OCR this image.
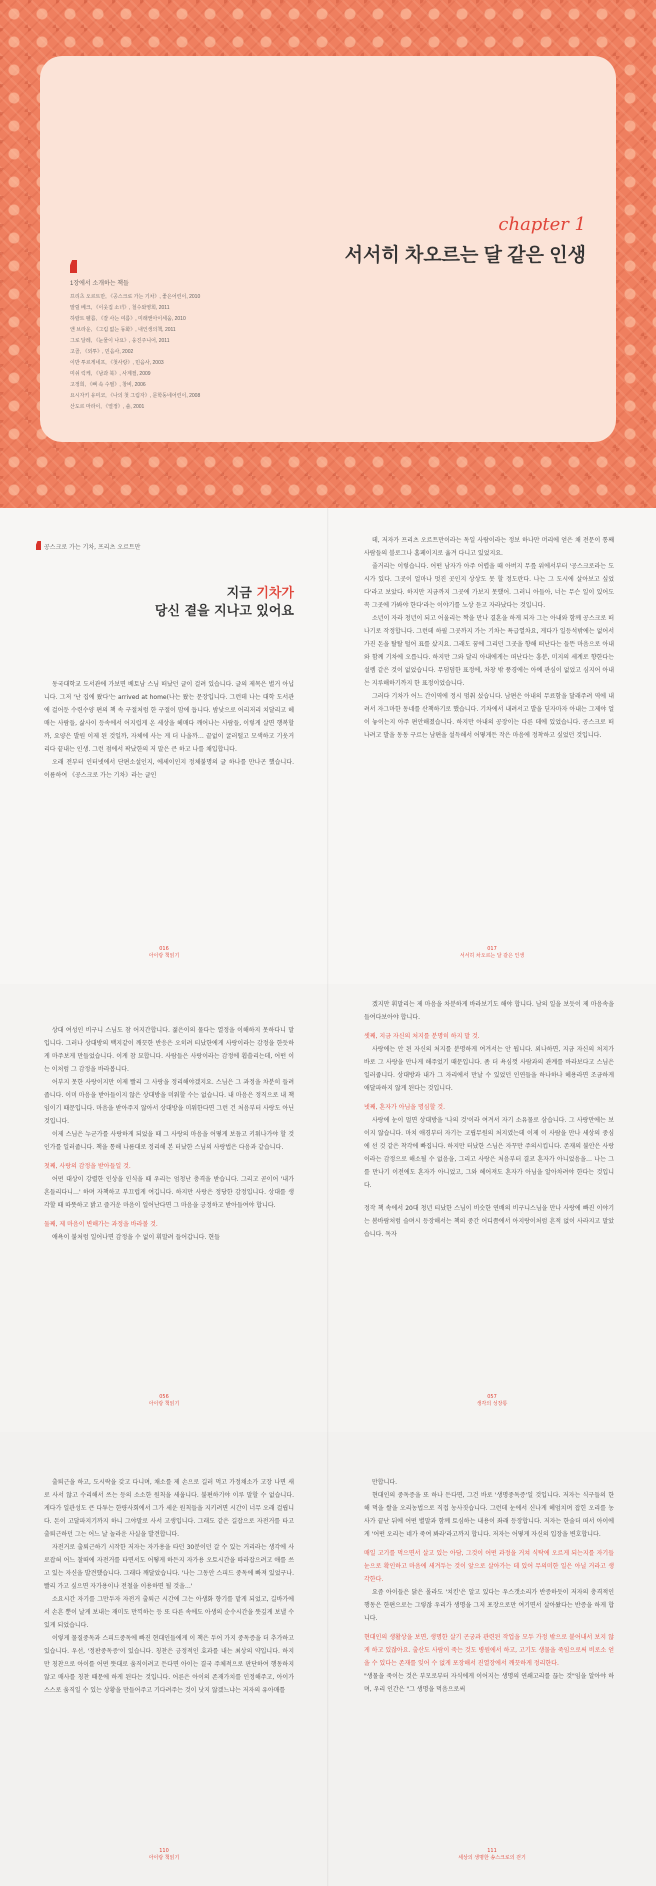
chapter 1

서서히 차오르는 달 같은 인생

1장에서 소개하는 책들

프리츠 오르트만, 《공스크로 가는 기차》, 좋은어린이, 2010
말릴 베크, 《이웃집 소녀》, 철수와영희, 2011
하랄트 펠름, 《잘 사는 여름》, 미래앤아이세움, 2010
앤 브라운, 《그림 없는 동화》, 내인생의책, 2011
그로 달레, 《눈물이 나요》, 웅진주니어, 2011
고골, 《외투》, 민음사, 2002
이반 투르게네프, 《첫사랑》, 민음사, 2003
미쉬 릭케, 《남과 북》, 사계절, 2009
고정희, 《뼈 속 수필》, 창비, 2006
요시자키 유미코, 《나의 첫 그림자》, 문학동네어린이, 2008
산도르 마라이, 《열정》, 솔, 2001

공스크로 가는 기차, 프리츠 오르트만

지금 기차가
당신 곁을 지나고 있어요

동국대학교 도서관에 가보면 베토남 스님 떠났던 글이 걸려 있습니다. 글의 제목은 별거 아닙니다. 그저 '난 집에 왔다'는 arrived at home(나는 왔는 문장입니다. 그런데 나는 대학 도서관에 걸어둔 수련수양 편의 책 속 구절처럼 한 구절이 맘에 듭니다. 밤낮으로 어리저리 치달리고 헤매는 사람들, 삶사이 등속에서 어지럽게 온 세상을 헤매다 깨어나는 사람들, 이렇게 살면 행복할까, 요양은 발원 이제 된 것일까, 자체에 사는 게 더 나을까… 끝없이 굴러떨고 모색하고 기웃거리다 끝내는 인생. 그런 점에서 팍났한의 저 말은 큰 하고 나를 채입합니다.

오래 전부터 인터넷에서 단편소설인지, 에세이인지 정체불명의 글 하나를 만나곤 했습니다. 이름하여 《공스크로 가는 기차》라는 글인

016
아이랑 책읽기

데, 저자가 프리츠 오르트만이라는 독일 사람이라는 정보 하나만 머리에 얻은 채 전문이 통째 사람들의 블로그나 홈페이지로 옮겨 다니고 있었지요.

줄거리는 이렇습니다. 어떤 남자가 아주 어렵을 때 아버지 무릎 위에서부터 '공스크로라는 도시가 있다. 그곳이 얼마나 멋진 곳인지 상상도 못 할 정도란다. 나는 그 도시에 살아보고 싶었다'라고 보았다. 하지만 지금까지 그곳에 가보지 못했어. 그러니 아들아, 너는 무슨 일이 있어도 꼭 그곳에 가봐야 한다'라는 이야기를 노상 듣고 자라났다는 것입니다.

소년이 자라 청년이 되고 어울리는 짝을 만나 결혼을 하게 되자 그는 아내와 함께 공스크로 떠나기로 작정합니다. 그런데 하필 그곳까지 가는 기차는 특급열차요, 게다가 일등석밖에는 없어서 가진 돈을 탈탈 털어 표를 샀지요. 그래도 꿈에 그리던 그곳을 향해 떠난다는 들뜬 마음으로 아내와 함께 기차에 오릅니다. 하지만 그와 달리 아내에게는 떠난다는 흥분, 미지의 세계로 향한다는 설렘 같은 것이 없었습니다. 무덤덤한 표정에, 차창 밖 풍경에는 아예 관심이 없었고 심지어 아내는 지루해하기까지 한 표정이었습니다.

그러다 기차가 어느 간이역에 정시 멈춰 섰습니다. 남편은 아내의 무료함을 달래주려 역에 내려서 자그마한 동네를 산책하기로 했습니다. 기차에서 내려서고 발을 딛자마자 아내는 그제야 얼이 놓이는지 아주 편안해졌습니다. 하지만 아내의 공장이는 다른 데에 있었습니다. 공스크로 떠나려고 발을 동동 구르는 남편을 설득해서 어떻게든 작은 마음에 정착하고 싶었던 것입니다.

017
서서히 차오르는 달 같은 인생

상대 여성인 비구니 스님도 참 어지간합니다. 젊은이의 물다는 열정을 이해하지 못하다니 말입니다. 그러나 상대방의 백지같이 깨끗한 반응은 오히려 티났한에게 사랑이라는 감정을 한듯하게 마주보게 만들었습니다. 이게 참 묘합니다. 사람들은 사랑이라는 감정에 휩쓸리는데, 어떤 이는 이처럼 그 감정을 바라봅니다.

어부지 못한 사랑이지만 이제 빨리 그 사랑을 정리해야겠지요. 스님은 그 과정을 차분히 들려줍니다. 이미 마음을 받아들이지 않은 상대방을 미워할 수는 없습니다. 내 마음은 정직으로 내 책임이기 때문입니다. 마음을 받아주지 않아서 상대방을 미워한다면 그런 건 처음부터 사랑도 아닌 것입니다.

이제 스님은 누군가를 사랑하게 되었을 때 그 사랑의 마음을 어떻게 보듬고 키워나가야 할 것인가를 일러줍니다. 책을 통해 나름대로 정리해 본 터났한 스님의 사랑법은 다음과 같습니다.

첫째, 사랑의 감정을 받아들일 것.

어떤 대상이 강렬한 인상을 인식을 때 우리는 엄청난 충격을 받습니다. 그리고 곧이어 '내가 흔들리다니…' 하며 자책하고 부끄럽게 여깁니다. 하지만 사랑은 정당한 감정입니다. 상대를 생각할 때 따뜻하고 밝고 즐거운 마음이 일어난다면 그 마음을 긍정하고 받아들여야 합니다.

둘째, 제 마음이 변해가는 과정을 바라볼 것.

애욕이 불처럼 일어나면 감정을 수 없이 휘말려 들어갑니다. 현들

056
아이랑 책읽기

겠지만 휘말리는 제 마음을 차분하게 바라보기도 해야 합니다. 남의 일을 보듯이 제 마음속을 들여다보아야 합니다.

셋째, 지금 자신의 처지를 분명히 하지 말 것.

사랑에는 안 된 자신의 처지를 분명하게 여겨서는 안 됩니다. 외나하면, 지금 자신의 처지가 바로 그 사랑을 만나게 해주었기 때문입니다. 좀 더 욕심껏 사람과의 관계를 바라보다고 스님은 일러줍니다. 상대방과 내가 그 자리에서 만날 수 있었던 인연들을 하나하나 헤용라면 조금하게 애달파하지 않게 된다는 것입니다.

넷째, 혼자가 아님을 명심할 것.

사랑에 눈이 멀면 상대방을 '나의 것'이라 여겨서 자기 소유물로 삼습니다. 그 사랑만에는 보이지 않습니다. 마치 애경부터 자기는 고립무원의 처지였는데 이제 이 사람을 만나 세상의 중심에 선 것 같은 착각에 빠집니다. 하지만 터났한 스님은 자꾸만 주의시킵니다. 존재의 불안은 사랑이라는 감정으로 해소될 수 없음을, 그리고 사랑은 처음부터 결코 혼자가 아니었음을… 나는 그를 만나기 이전에도 혼자가 아니었고, 그와 헤어져도 혼자가 아님을 알아차려야 한다는 것입니다.

정작 책 속에서 20대 청년 티났한 스님이 비슷한 연배의 비구니스님을 만나 사랑에 빠진 이야기는 봄바람처럼 슬며시 등장해서는 책의 중간 어디쯤에서 아지랑이처럼 흔적 없이 사라지고 말았습니다. 독자

057
생각의 성장통

출퇴근을 하고, 도시락을 갖고 다니며, 채소를 제 손으로 길러 먹고 가정채소가 고장 나면 새로 사서 않고 수리해서 쓰는 등의 소소한 원칙을 세웁니다. 불편하기야 이루 말할 수 없습니다. 게다가 일관성도 큰 다투는 한량사회에서 그가 세운 원칙들을 지키려면 시간이 너무 오래 걸립니다. 돈이 고달파지기까지 하니 그야말로 사서 고생입니다. 그래도 같은 길잡으로 자전거를 타고 출퇴근하던 그는 어느 날 놀라운 사실을 발견합니다.

자전거로 출퇴근하기 시작한 저자는 자가용을 타던 30분이던 갈 수 있는 거리라는 생각에 사로잡혀 어느 찰떠에 자전거를 타면서도 어떻게 하든지 자가용 오토시간을 따라잡으려고 애를 쓰고 있는 자신을 발견했습니다. 그래다 깨달았습니다. '나는 그동안 스피드 중독에 빠져 있었구나. 빨리 가고 싶으면 자가용이나 전철을 이용하면 될 것을…'

소요시간 자기를 그만두자 자전거 출퇴근 시간에 그는 아생화 향기를 맡게 되었고, 길바가에서 손흔 뿐이 날게 보내는 재미도 만끽하는 등 또 다른 속에도 아생의 순수시간을 뜻깊게 보낼 수 있게 되었습니다.

이렇게 물질중독과 스피드중독에 빠진 현대인들에게 이 책은 두어 가지 중독증을 더 추가하고 있습니다. 우선, '정판중독증'이 있습니다. 칭찬은 긍정적인 효과를 내는 최상의 약입니다. 하지만 칭찬으로 아이를 어떤 뜻대로 움직이려고 든다면 아이는 결국 주체적으로 판단하여 행동하지 않고 매사를 칭찬 때문에 하게 된다는 것입니다. 어른은 아이의 존재가치를 인정해주고, 아이가 스스로 움직일 수 있는 상황을 만들어주고 기다려주는 것이 낫지 않겠느냐는 저자의 유아매틀

110
아이랑 책읽기

만합니다.

현대인의 중독증을 또 하나 든다면, 그건 바로 '생명중독증'일 것입니다. 저자는 식구들의 한 해 먹을 쌀을 오리농법으로 직접 농사짓습니다. 그런데 눈에서 신나게 헤엄치며 잡힌 오리를 농사가 끝난 뒤에 어떤 별말과 함께 토심하는 내용이 좌래 등장합니다. 저자는 한술더 떠서 아이에게 '어떤 오리는 네가 죽여 봐라'라고까지 합니다. 저자는 어떻게 자신의 입장을 변호합니다.

매일 고기를 먹으면서 살고 있는 아담, 그것이 어떤 과정을 거쳐 식탁에 오르게 되는지를 자기들 눈으로 확인하고 마음에 새겨두는 것이 앞으로 살아가는 데 있어 무의미한 일은 아닐 거라고 생각한다.

요즘 아이들은 닭은 몰라도 '치킨'은 알고 있다는 우스갯소리가 반증하듯이 저자의 충격적인 행동은 한편으로는 그렇잖 우리가 생명을 그저 포장으로만 여기면서 살아왔다는 반증을 하게 합니다.

현대인의 생활상을 보면, 생명한 살기 곤궁과 관련된 작업을 모두 가정 밖으로 붙어내서 보지 않게 하고 있잖아요. 출산도 사람이 죽는 것도 병원에서 하고, 고기도 생물을 죽임으로써 비로소 얻을 수 있다는 존재를 잊어 수 없게 포장해서 진열장에서 깨끗하게 정리한다.

"생물을 죽이는 것은 부모로부터 자식에게 이어지는 생명의 연쇄고리를 끊는 것"임을 알아야 하며, 우리 인간은 "그 생명을 먹음으로써

111
세상의 생명한 송스크로의 걷기
